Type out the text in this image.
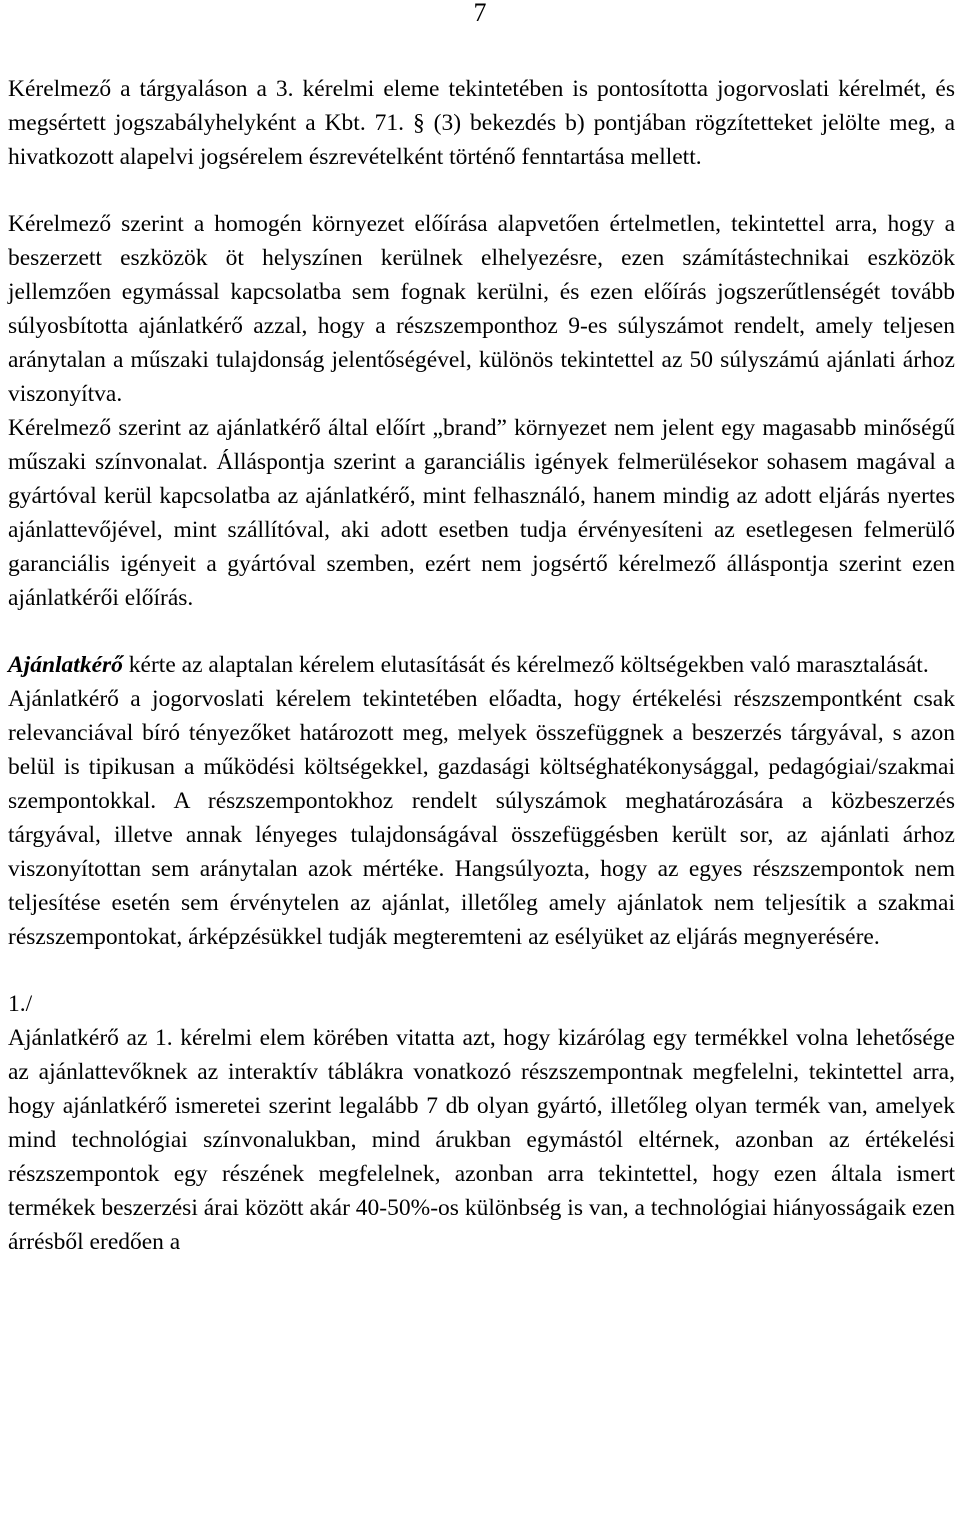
7

Kérelmező a tárgyaláson a 3. kérelmi eleme tekintetében is pontosította jogorvoslati kérelmét, és megsértett jogszabályhelyként a Kbt. 71. § (3) bekezdés b) pontjában rögzítetteket jelölte meg, a hivatkozott alapelvi jogsérelem észrevételként történő fenntartása mellett.

Kérelmező szerint a homogén környezet előírása alapvetően értelmetlen, tekintettel arra, hogy a beszerzett eszközök öt helyszínen kerülnek elhelyezésre, ezen számítástechnikai eszközök jellemzően egymással kapcsolatba sem fognak kerülni, és ezen előírás jogszerűtlenségét tovább súlyosbította ajánlatkérő azzal, hogy a részszemponthoz 9-es súlyszámot rendelt, amely teljesen aránytalan a műszaki tulajdonság jelentőségével, különös tekintettel az 50 súlyszámú ajánlati árhoz viszonyítva.

Kérelmező szerint az ajánlatkérő által előírt „brand” környezet nem jelent egy magasabb minőségű műszaki színvonalat. Álláspontja szerint a garanciális igények felmerülésekor sohasem magával a gyártóval kerül kapcsolatba az ajánlatkérő, mint felhasználó, hanem mindig az adott eljárás nyertes ajánlattevőjével, mint szállítóval, aki adott esetben tudja érvényesíteni az esetlegesen felmerülő garanciális igényeit a gyártóval szemben, ezért nem jogsértő kérelmező álláspontja szerint ezen ajánlatkérői előírás.

Ajánlatkérő kérte az alaptalan kérelem elutasítását és kérelmező költségekben való marasztalását.

Ajánlatkérő a jogorvoslati kérelem tekintetében előadta, hogy értékelési részszempontként csak relevanciával bíró tényezőket határozott meg, melyek összefüggnek a beszerzés tárgyával, s azon belül is tipikusan a működési költségekkel, gazdasági költséghatékonysággal, pedagógiai/szakmai szempontokkal. A részszempontokhoz rendelt súlyszámok meghatározására a közbeszerzés tárgyával, illetve annak lényeges tulajdonságával összefüggésben került sor, az ajánlati árhoz viszonyítottan sem aránytalan azok mértéke. Hangsúlyozta, hogy az egyes részszempontok nem teljesítése esetén sem érvénytelen az ajánlat, illetőleg amely ajánlatok nem teljesítik a szakmai részszempontokat, árképzésükkel tudják megteremteni az esélyüket az eljárás megnyerésére.

1./

Ajánlatkérő az 1. kérelmi elem körében vitatta azt, hogy kizárólag egy termékkel volna lehetősége az ajánlattevőknek az interaktív táblákra vonatkozó részszempontnak megfelelni, tekintettel arra, hogy ajánlatkérő ismeretei szerint legalább 7 db olyan gyártó, illetőleg olyan termék van, amelyek mind technológiai színvonalukban, mind árukban egymástól eltérnek, azonban az értékelési részszempontok egy részének megfelelnek, azonban arra tekintettel, hogy ezen általa ismert termékek beszerzési árai között akár 40-50%-os különbség is van, a technológiai hiányosságaik ezen árrésből eredően a
